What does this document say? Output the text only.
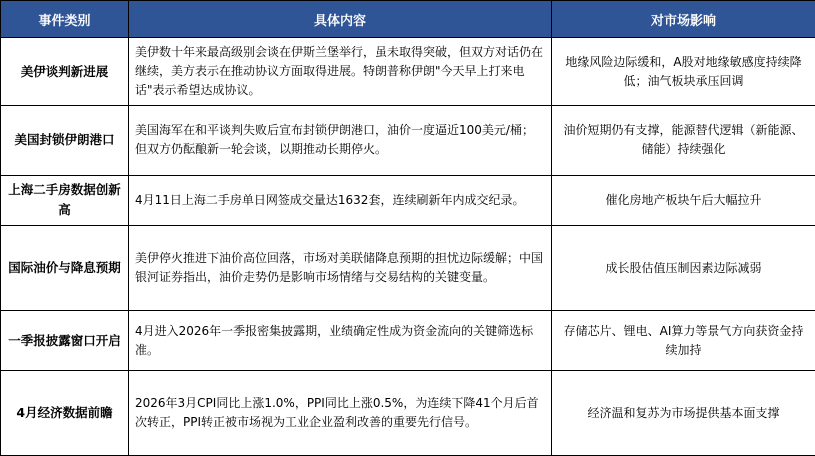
事件类别	具体内容	对市场影响
美伊谈判新进展	美伊数十年来最高级别会谈在伊斯兰堡举行，虽未取得突破，但双方对话仍在继续，美方表示在推动协议方面取得进展。特朗普称伊朗"今天早上打来电话"表示希望达成协议。	地缘风险边际缓和，A股对地缘敏感度持续降低；油气板块承压回调
美国封锁伊朗港口	美国海军在和平谈判失败后宣布封锁伊朗港口，油价一度逼近100美元/桶；但双方仍酝酿新一轮会谈，以期推动长期停火。	油价短期仍有支撑，能源替代逻辑（新能源、储能）持续强化
上海二手房数据创新高	4月11日上海二手房单日网签成交量达1632套，连续刷新年内成交纪录。	催化房地产板块午后大幅拉升
国际油价与降息预期	美伊停火推进下油价高位回落，市场对美联储降息预期的担忧边际缓解；中国银河证券指出，油价走势仍是影响市场情绪与交易结构的关键变量。	成长股估值压制因素边际减弱
一季报披露窗口开启	4月进入2026年一季报密集披露期，业绩确定性成为资金流向的关键筛选标准。	存储芯片、锂电、AI算力等景气方向获资金持续加持
4月经济数据前瞻	2026年3月CPI同比上涨1.0%，PPI同比上涨0.5%，为连续下降41个月后首次转正，PPI转正被市场视为工业企业盈利改善的重要先行信号。	经济温和复苏为市场提供基本面支撑
